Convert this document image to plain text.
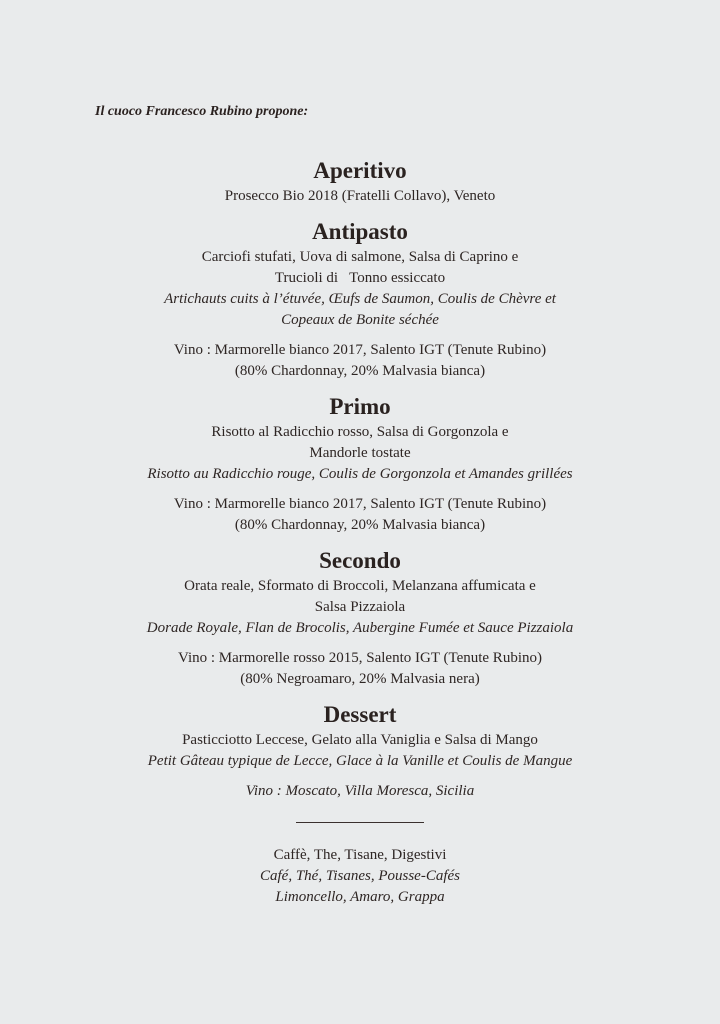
Il cuoco Francesco Rubino propone:
Aperitivo

Prosecco Bio 2018 (Fratelli Collavo), Veneto

Antipasto

Carciofi stufati, Uova di salmone, Salsa di Caprino e

Trucioli di   Tonno essiccato

Artichauts cuits à l’étuvée, Œufs de Saumon, Coulis de Chèvre et

Copeaux de Bonite séchée

Vino : Marmorelle bianco 2017, Salento IGT (Tenute Rubino)

(80% Chardonnay, 20% Malvasia bianca)

Primo

Risotto al Radicchio rosso, Salsa di Gorgonzola e

Mandorle tostate

Risotto au Radicchio rouge, Coulis de Gorgonzola et Amandes grillées

Vino : Marmorelle bianco 2017, Salento IGT (Tenute Rubino)

(80% Chardonnay, 20% Malvasia bianca)

Secondo

Orata reale, Sformato di Broccoli, Melanzana affumicata e

Salsa Pizzaiola

Dorade Royale, Flan de Brocolis, Aubergine Fumée et Sauce Pizzaiola

Vino : Marmorelle rosso 2015, Salento IGT (Tenute Rubino)

(80% Negroamaro, 20% Malvasia nera)

Dessert

Pasticciotto Leccese, Gelato alla Vaniglia e Salsa di Mango

Petit Gâteau typique de Lecce, Glace à la Vanille et Coulis de Mangue

Vino : Moscato, Villa Moresca, Sicilia

Caffè, The, Tisane, Digestivi

Café, Thé, Tisanes, Pousse-Cafés

Limoncello, Amaro, Grappa
